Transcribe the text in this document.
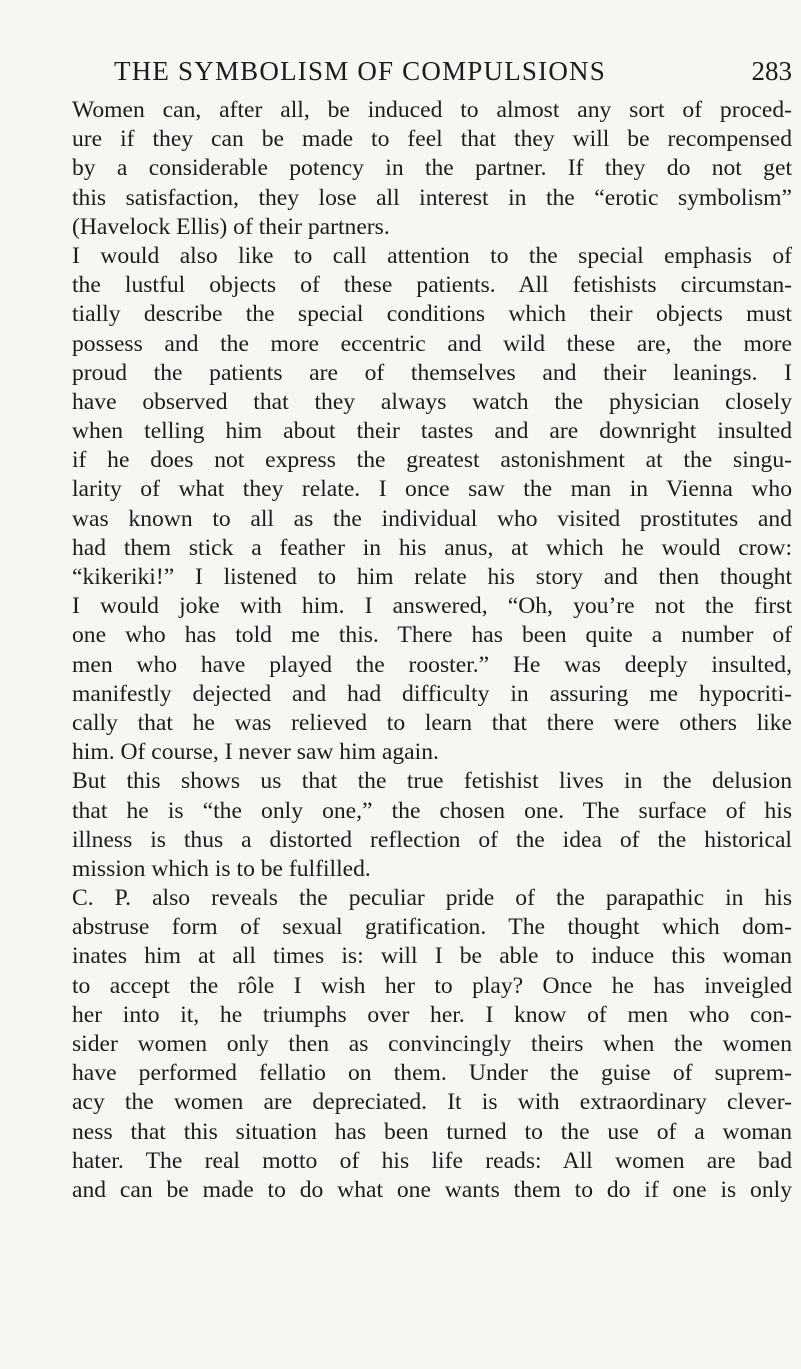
THE SYMBOLISM OF COMPULSIONS	283
Women can, after all, be induced to almost any sort of proced-
ure if they can be made to feel that they will be recompensed
by a considerable potency in the partner. If they do not get
this satisfaction, they lose all interest in the “erotic symbolism”
(Havelock Ellis) of their partners.
I would also like to call attention to the special emphasis of
the lustful objects of these patients. All fetishists circumstan-
tially describe the special conditions which their objects must
possess and the more eccentric and wild these are, the more
proud the patients are of themselves and their leanings. I
have observed that they always watch the physician closely
when telling him about their tastes and are downright insulted
if he does not express the greatest astonishment at the singu-
larity of what they relate. I once saw the man in Vienna who
was known to all as the individual who visited prostitutes and
had them stick a feather in his anus, at which he would crow:
“kikeriki!” I listened to him relate his story and then thought
I would joke with him. I answered, “Oh, you’re not the first
one who has told me this. There has been quite a number of
men who have played the rooster.” He was deeply insulted,
manifestly dejected and had difficulty in assuring me hypocriti-
cally that he was relieved to learn that there were others like
him. Of course, I never saw him again.
But this shows us that the true fetishist lives in the delusion
that he is “the only one,” the chosen one. The surface of his
illness is thus a distorted reflection of the idea of the historical
mission which is to be fulfilled.
C. P. also reveals the peculiar pride of the parapathic in his
abstruse form of sexual gratification. The thought which dom-
inates him at all times is: will I be able to induce this woman
to accept the rôle I wish her to play? Once he has inveigled
her into it, he triumphs over her. I know of men who con-
sider women only then as convincingly theirs when the women
have performed fellatio on them. Under the guise of suprem-
acy the women are depreciated. It is with extraordinary clever-
ness that this situation has been turned to the use of a woman
hater. The real motto of his life reads: All women are bad
and can be made to do what one wants them to do if one is only
